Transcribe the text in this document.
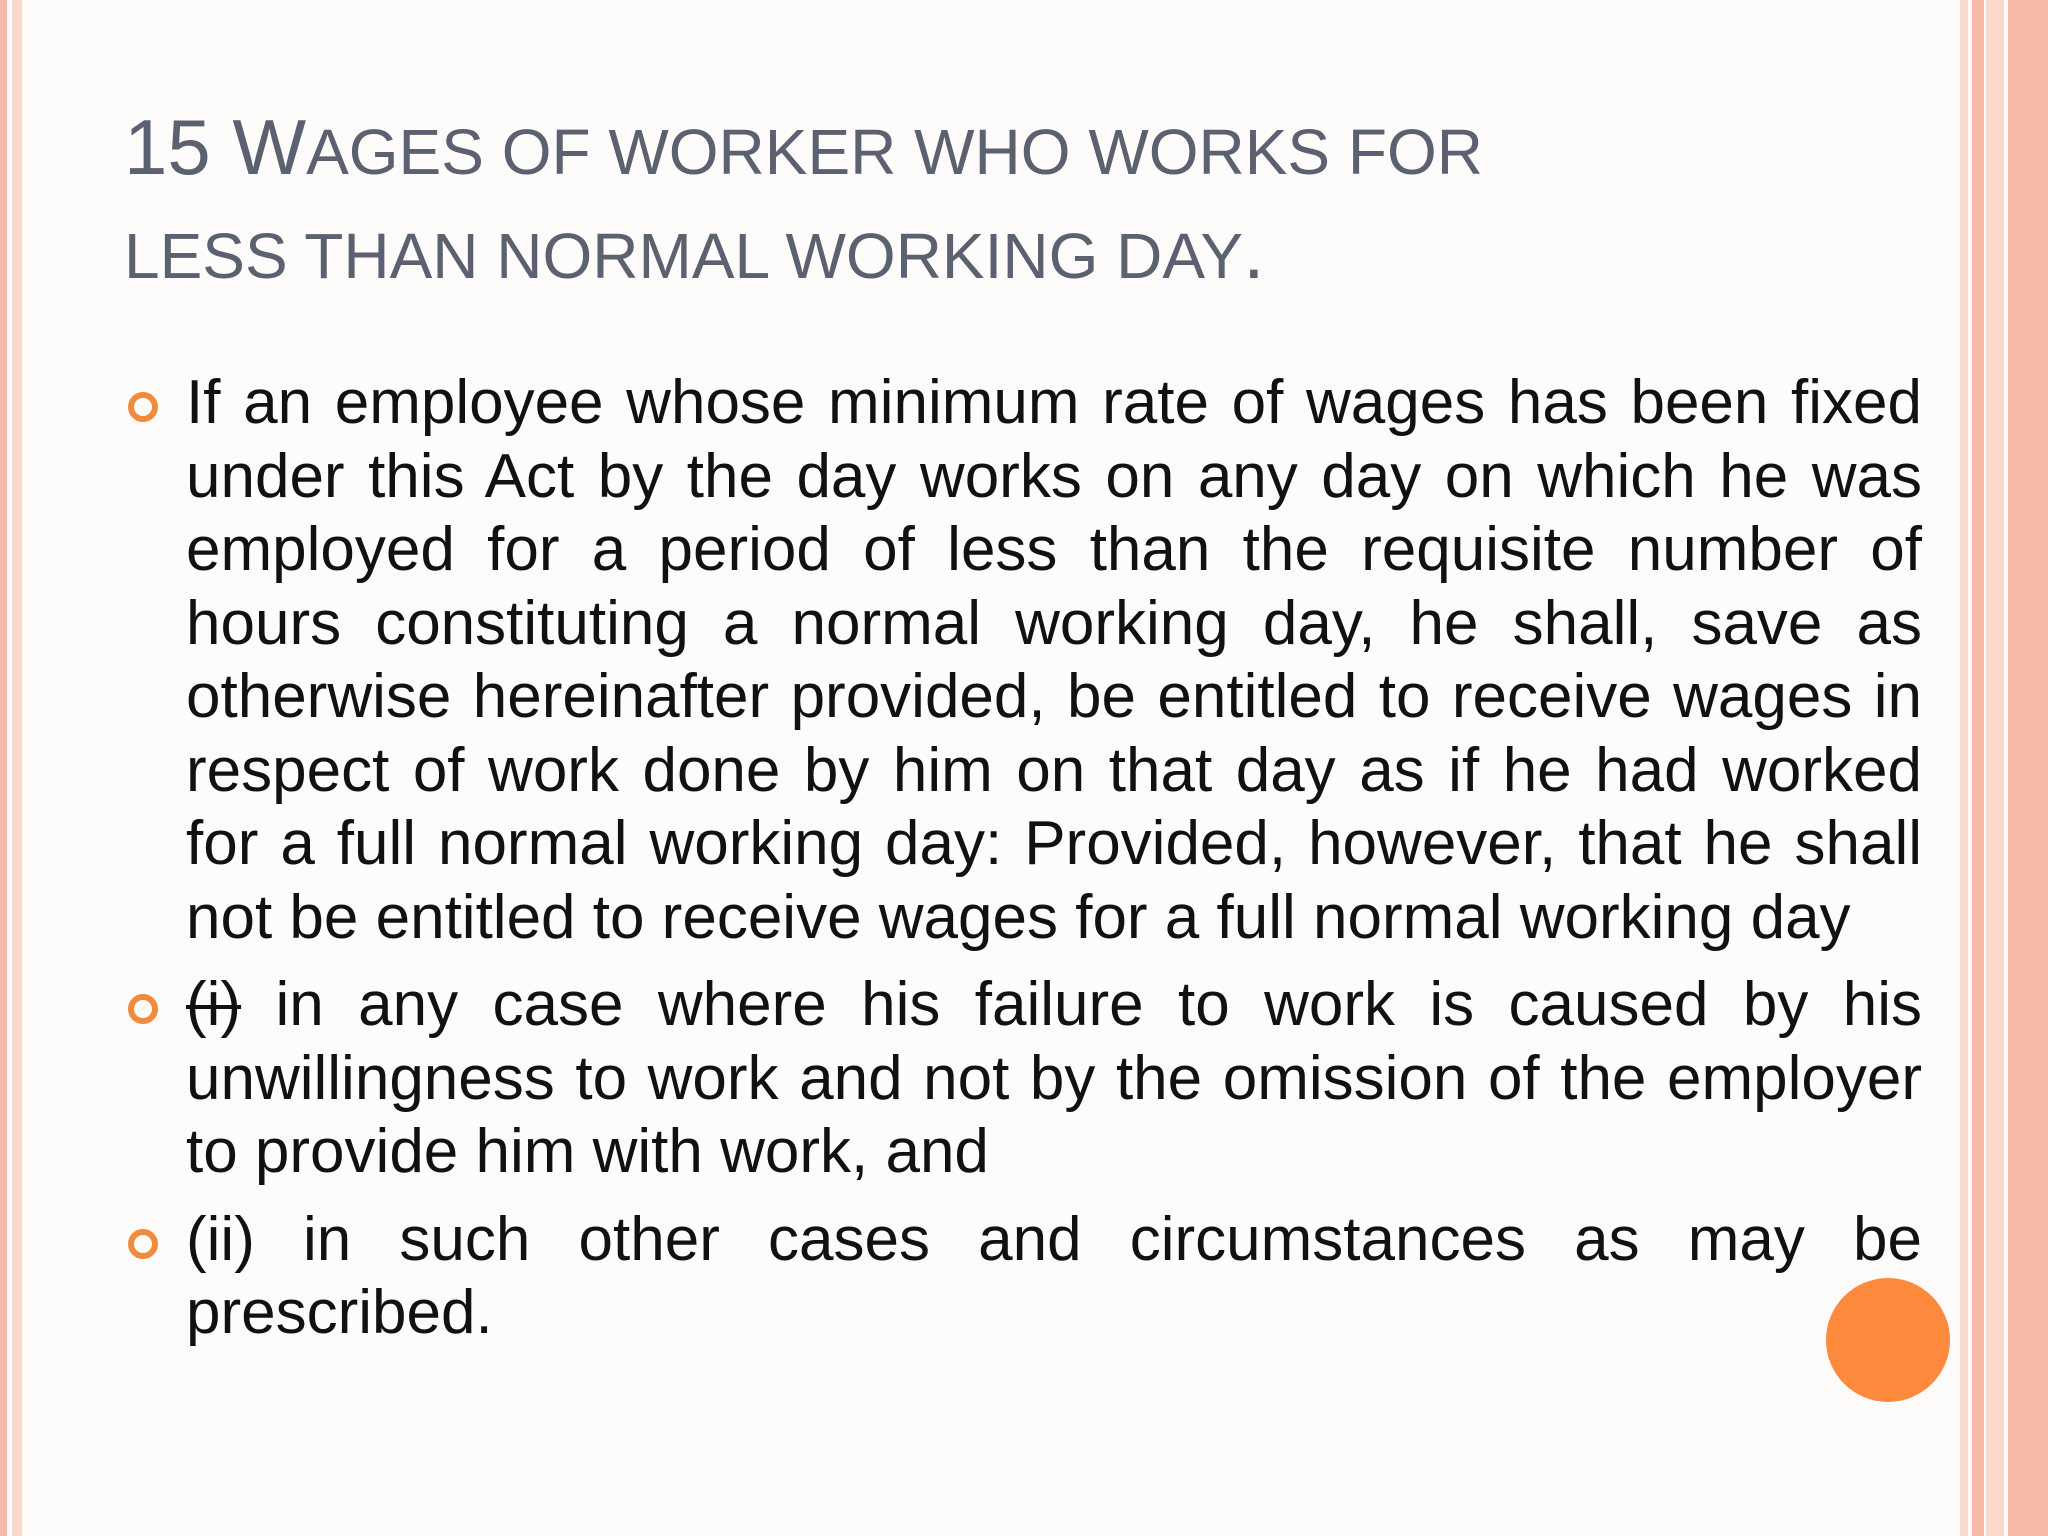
15 WAGES OF WORKER WHO WORKS FOR
LESS THAN NORMAL WORKING DAY.
If an employee whose minimum rate of wages has been fixed under this Act by the day works on any day on which he was employed for a period of less than the requisite number of hours constituting a normal working day, he shall, save as otherwise hereinafter provided, be entitled to receive wages in respect of work done by him on that day as if he had worked for a full normal working day: Provided, however, that he shall not be entitled to receive wages for a full normal working day
(i) in any case where his failure to work is caused by his unwillingness to work and not by the omission of the employer to provide him with work, and
(ii) in such other cases and circumstances as may be prescribed.
